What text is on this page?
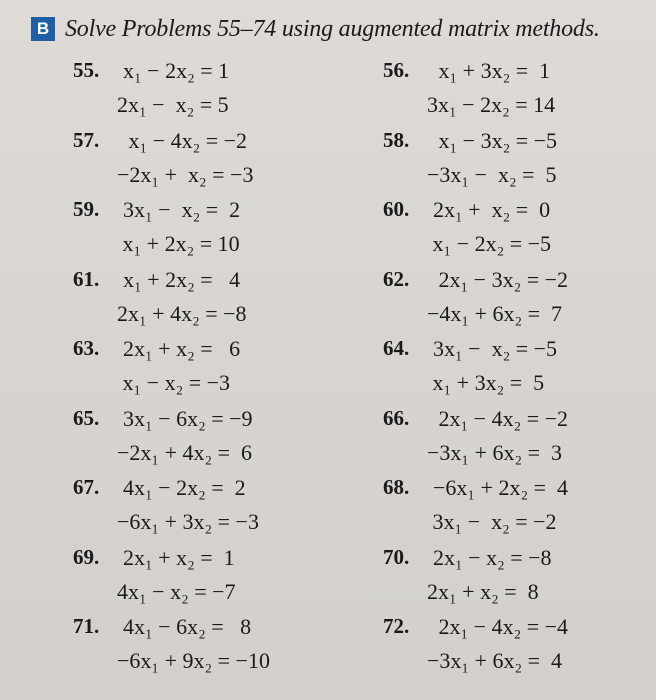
B Solve Problems 55–74 using augmented matrix methods.
55. x₁ − 2x₂ = 1
2x₁ −  x₂ = 5
57. x₁ − 4x₂ = −2
−2x₁ +  x₂ = −3
59. 3x₁ −  x₂ =  2
x₁ + 2x₂ = 10
61. x₁ + 2x₂ =   4
2x₁ + 4x₂ = −8
63. 2x₁ + x₂ =   6
x₁ − x₂ = −3
65. 3x₁ − 6x₂ = −9
−2x₁ + 4x₂ =  6
67. 4x₁ − 2x₂ =  2
−6x₁ + 3x₂ = −3
69. 2x₁ + x₂ =  1
4x₁ − x₂ = −7
71. 4x₁ − 6x₂ =   8
−6x₁ + 9x₂ = −10
56. x₁ + 3x₂ =  1
3x₁ − 2x₂ = 14
58. x₁ − 3x₂ = −5
−3x₁ −  x₂ =  5
60. 2x₁ +  x₂ =  0
x₁ − 2x₂ = −5
62. 2x₁ − 3x₂ = −2
−4x₁ + 6x₂ =  7
64. 3x₁ −  x₂ = −5
x₁ + 3x₂ =  5
66. 2x₁ − 4x₂ = −2
−3x₁ + 6x₂ =  3
68. −6x₁ + 2x₂ =  4
3x₁ −  x₂ = −2
70. 2x₁ − x₂ = −8
2x₁ + x₂ =  8
72. 2x₁ − 4x₂ = −4
−3x₁ + 6x₂ =  4
